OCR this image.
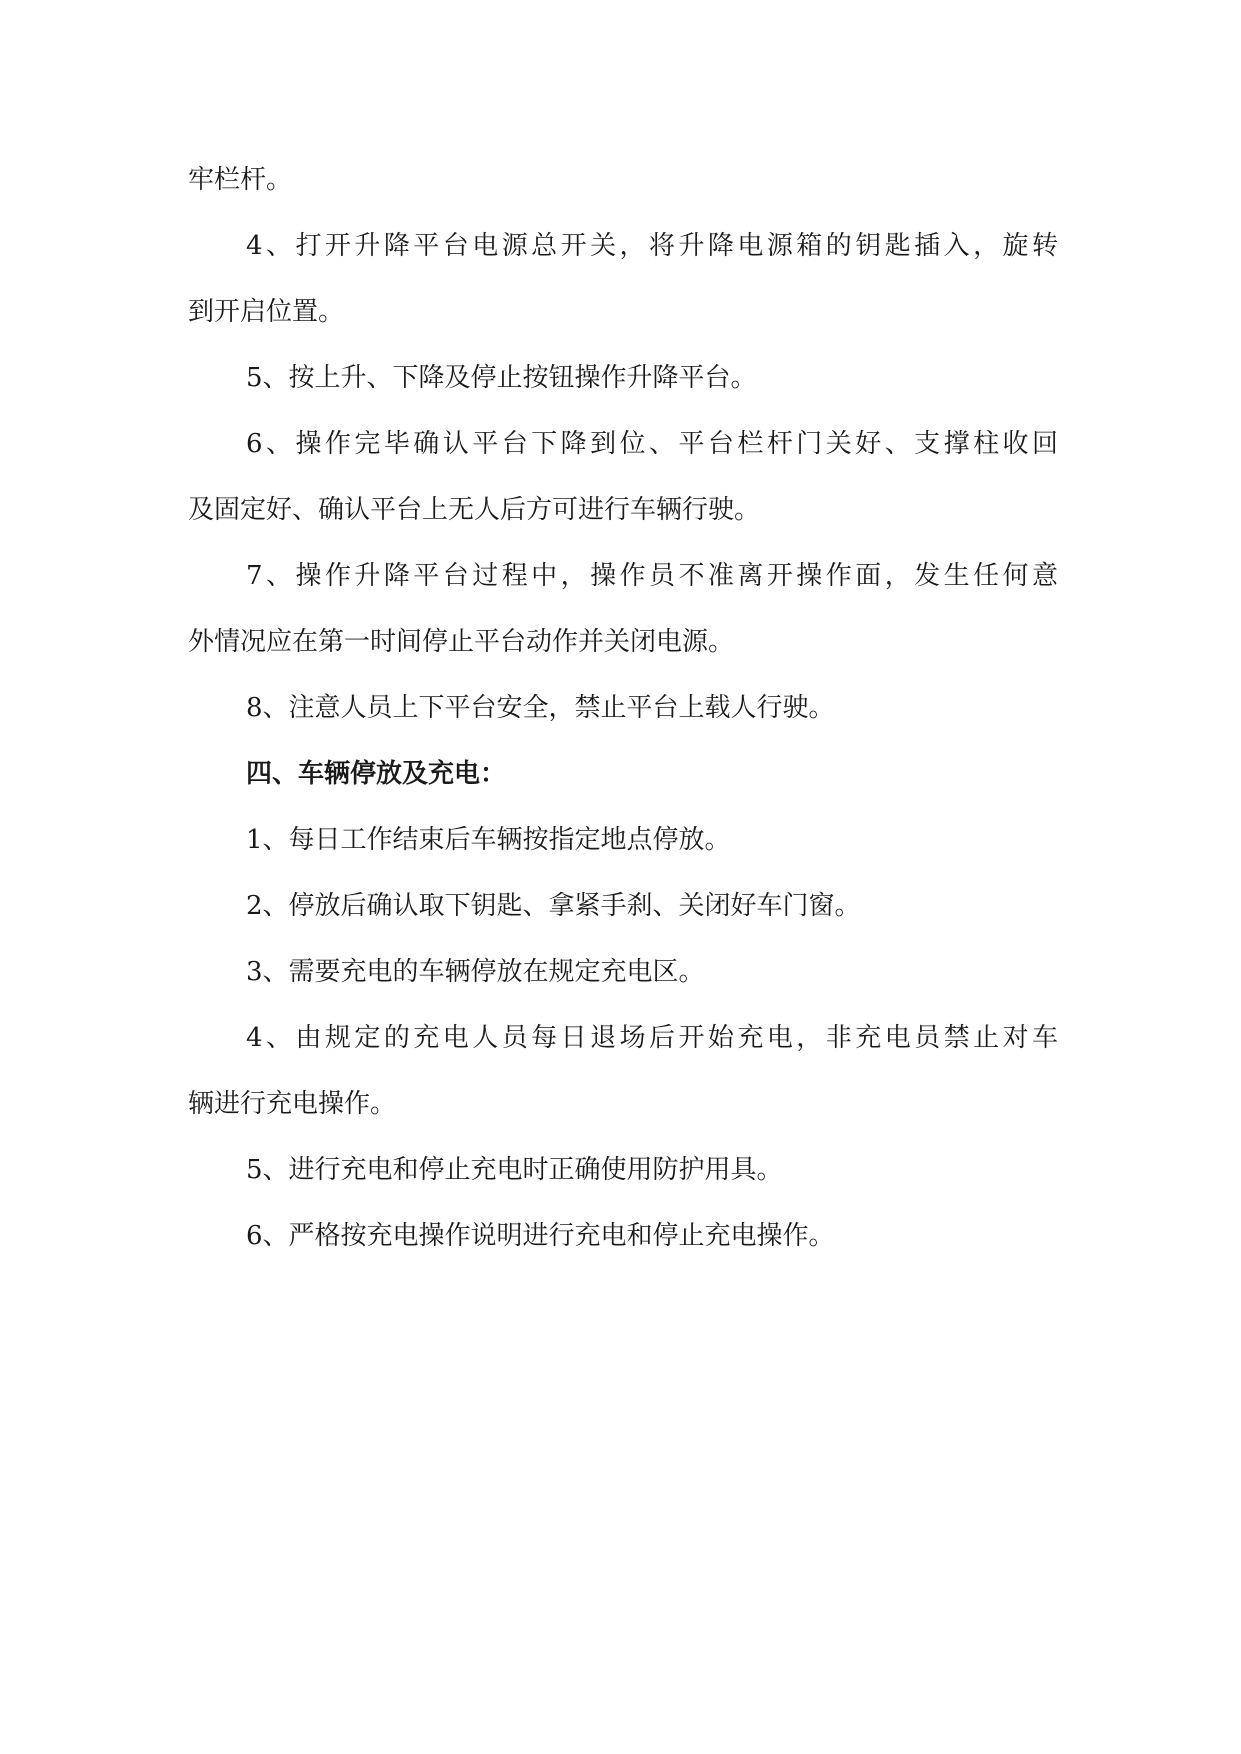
牢栏杆。
4、打开升降平台电源总开关，将升降电源箱的钥匙插入，旋转
到开启位置。
5、按上升、下降及停止按钮操作升降平台。
6、操作完毕确认平台下降到位、平台栏杆门关好、支撑柱收回
及固定好、确认平台上无人后方可进行车辆行驶。
7、操作升降平台过程中，操作员不准离开操作面，发生任何意
外情况应在第一时间停止平台动作并关闭电源。
8、注意人员上下平台安全，禁止平台上载人行驶。
四、车辆停放及充电：
1、每日工作结束后车辆按指定地点停放。
2、停放后确认取下钥匙、拿紧手刹、关闭好车门窗。
3、需要充电的车辆停放在规定充电区。
4、由规定的充电人员每日退场后开始充电，非充电员禁止对车
辆进行充电操作。
5、进行充电和停止充电时正确使用防护用具。
6、严格按充电操作说明进行充电和停止充电操作。
